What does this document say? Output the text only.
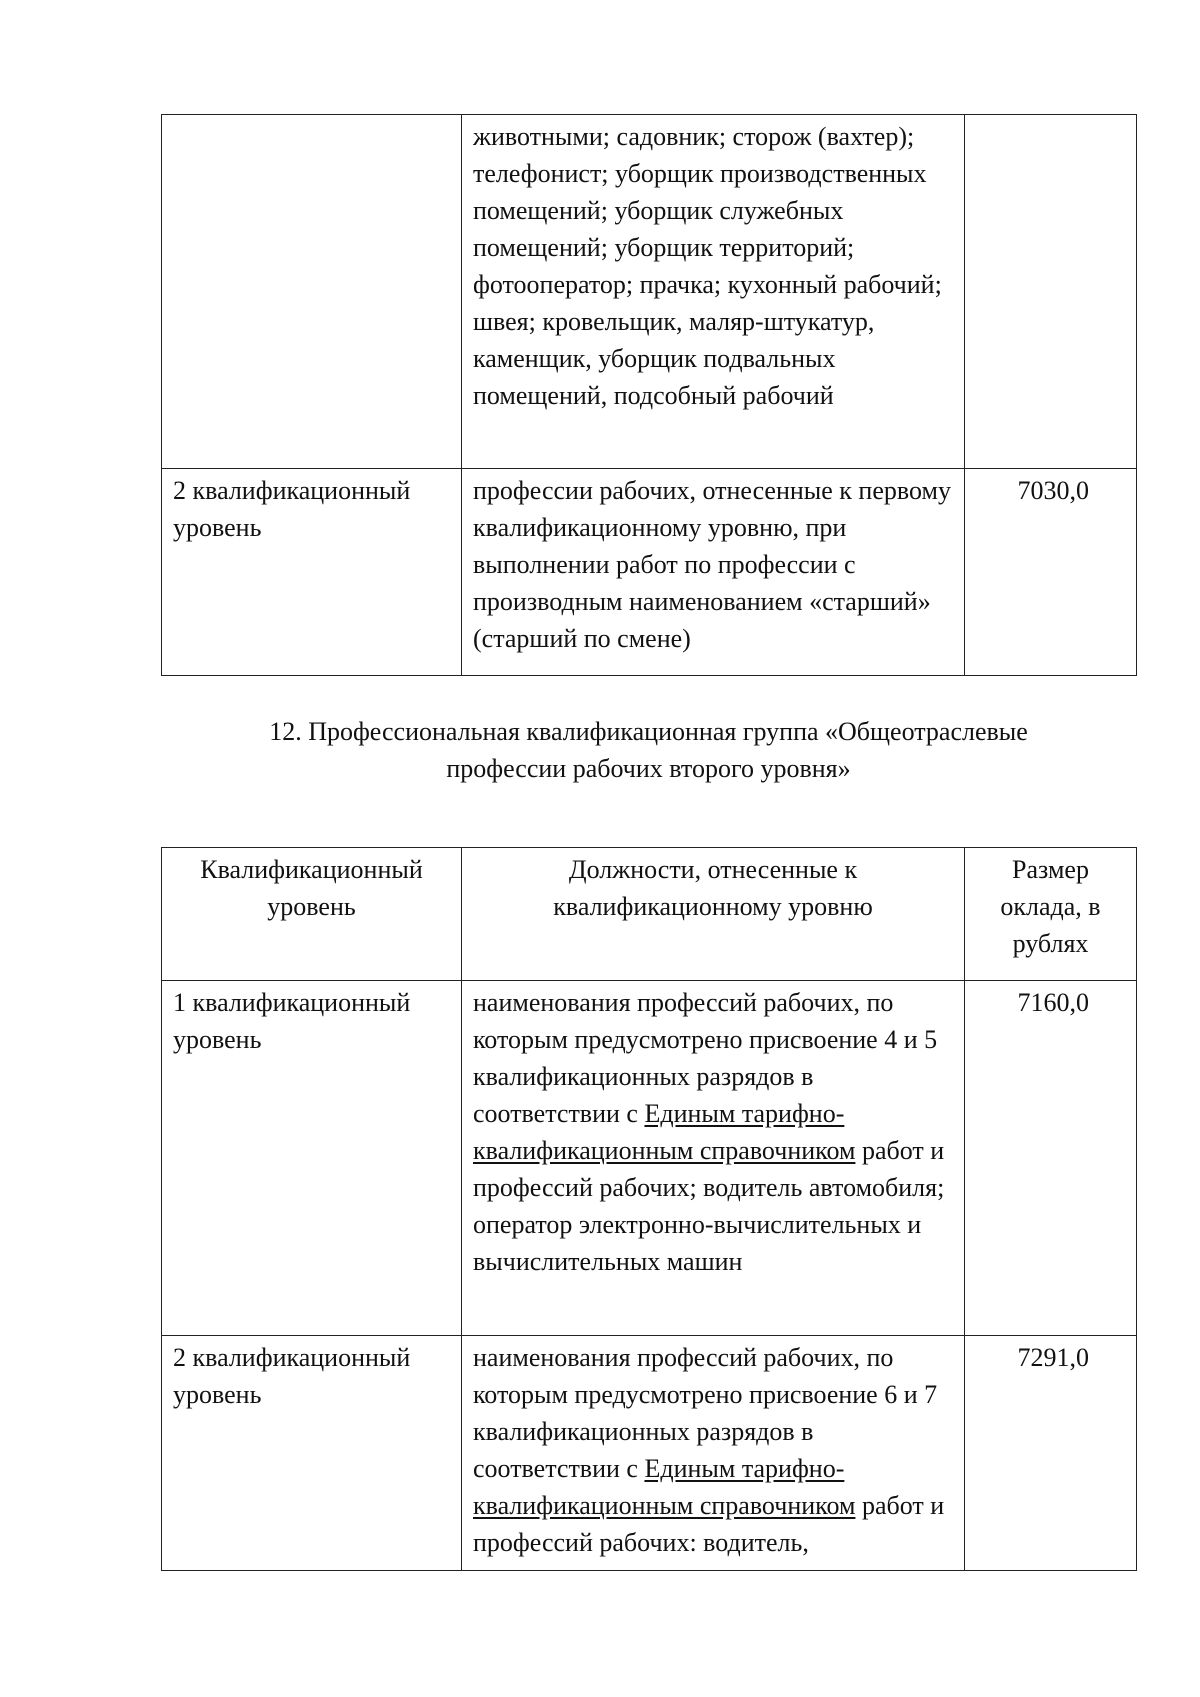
	животными; садовник; сторож (вахтер); телефонист; уборщик производственных помещений; уборщик служебных помещений; уборщик территорий; фотооператор; прачка; кухонный рабочий; швея; кровельщик, маляр-штукатур, каменщик, уборщик подвальных помещений, подсобный рабочий	
2 квалификационный уровень	профессии рабочих, отнесенные к первому квалификационному уровню, при выполнении работ по профессии с производным наименованием «старший» (старший по смене)	7030,0
12. Профессиональная квалификационная группа «Общеотраслевые
профессии рабочих второго уровня»
Квалификационный уровень	Должности, отнесенные к квалификационному уровню	Размер оклада, в рублях
1 квалификационный уровень	наименования профессий рабочих, по которым предусмотрено присвоение 4 и 5 квалификационных разрядов в соответствии с Единым тарифно-квалификационным справочником работ и профессий рабочих; водитель автомобиля; оператор электронно-вычислительных и вычислительных машин	7160,0
2 квалификационный уровень	наименования профессий рабочих, по которым предусмотрено присвоение 6 и 7 квалификационных разрядов в соответствии с Единым тарифно-квалификационным справочником работ и профессий рабочих: водитель,	7291,0
